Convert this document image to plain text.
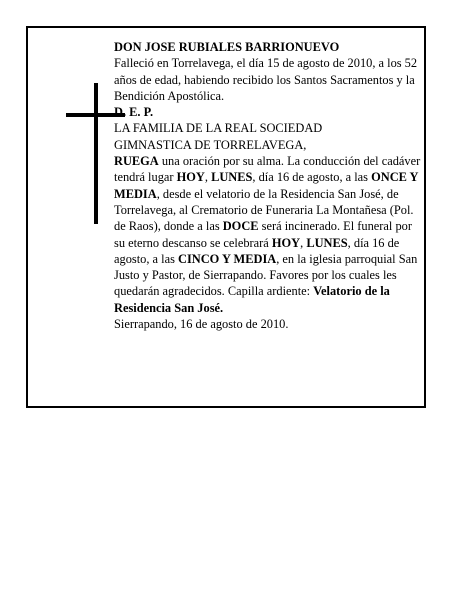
DON JOSE RUBIALES BARRIONUEVO

Falleció en Torrelavega, el día 15 de agosto de 2010, a los 52 años de edad, habiendo recibido los Santos Sacramentos y la Bendición Apostólica.

D. E. P.

LA FAMILIA DE LA REAL SOCIEDAD

GIMNASTICA DE TORRELAVEGA,

RUEGA una oración por su alma. La conducción del cadáver tendrá lugar HOY, LUNES, día 16 de agosto, a las ONCE Y MEDIA, desde el velatorio de la Residencia San José, de Torrelavega, al Crematorio de Funeraria La Montañesa (Pol. de Raos), donde a las DOCE será incinerado. El funeral por su eterno descanso se celebrará HOY, LUNES, día 16 de agosto, a las CINCO Y MEDIA, en la iglesia parroquial San Justo y Pastor, de Sierrapando. Favores por los cuales les quedarán agradecidos. Capilla ardiente: Velatorio de la Residencia San José.

Sierrapando, 16 de agosto de 2010.
